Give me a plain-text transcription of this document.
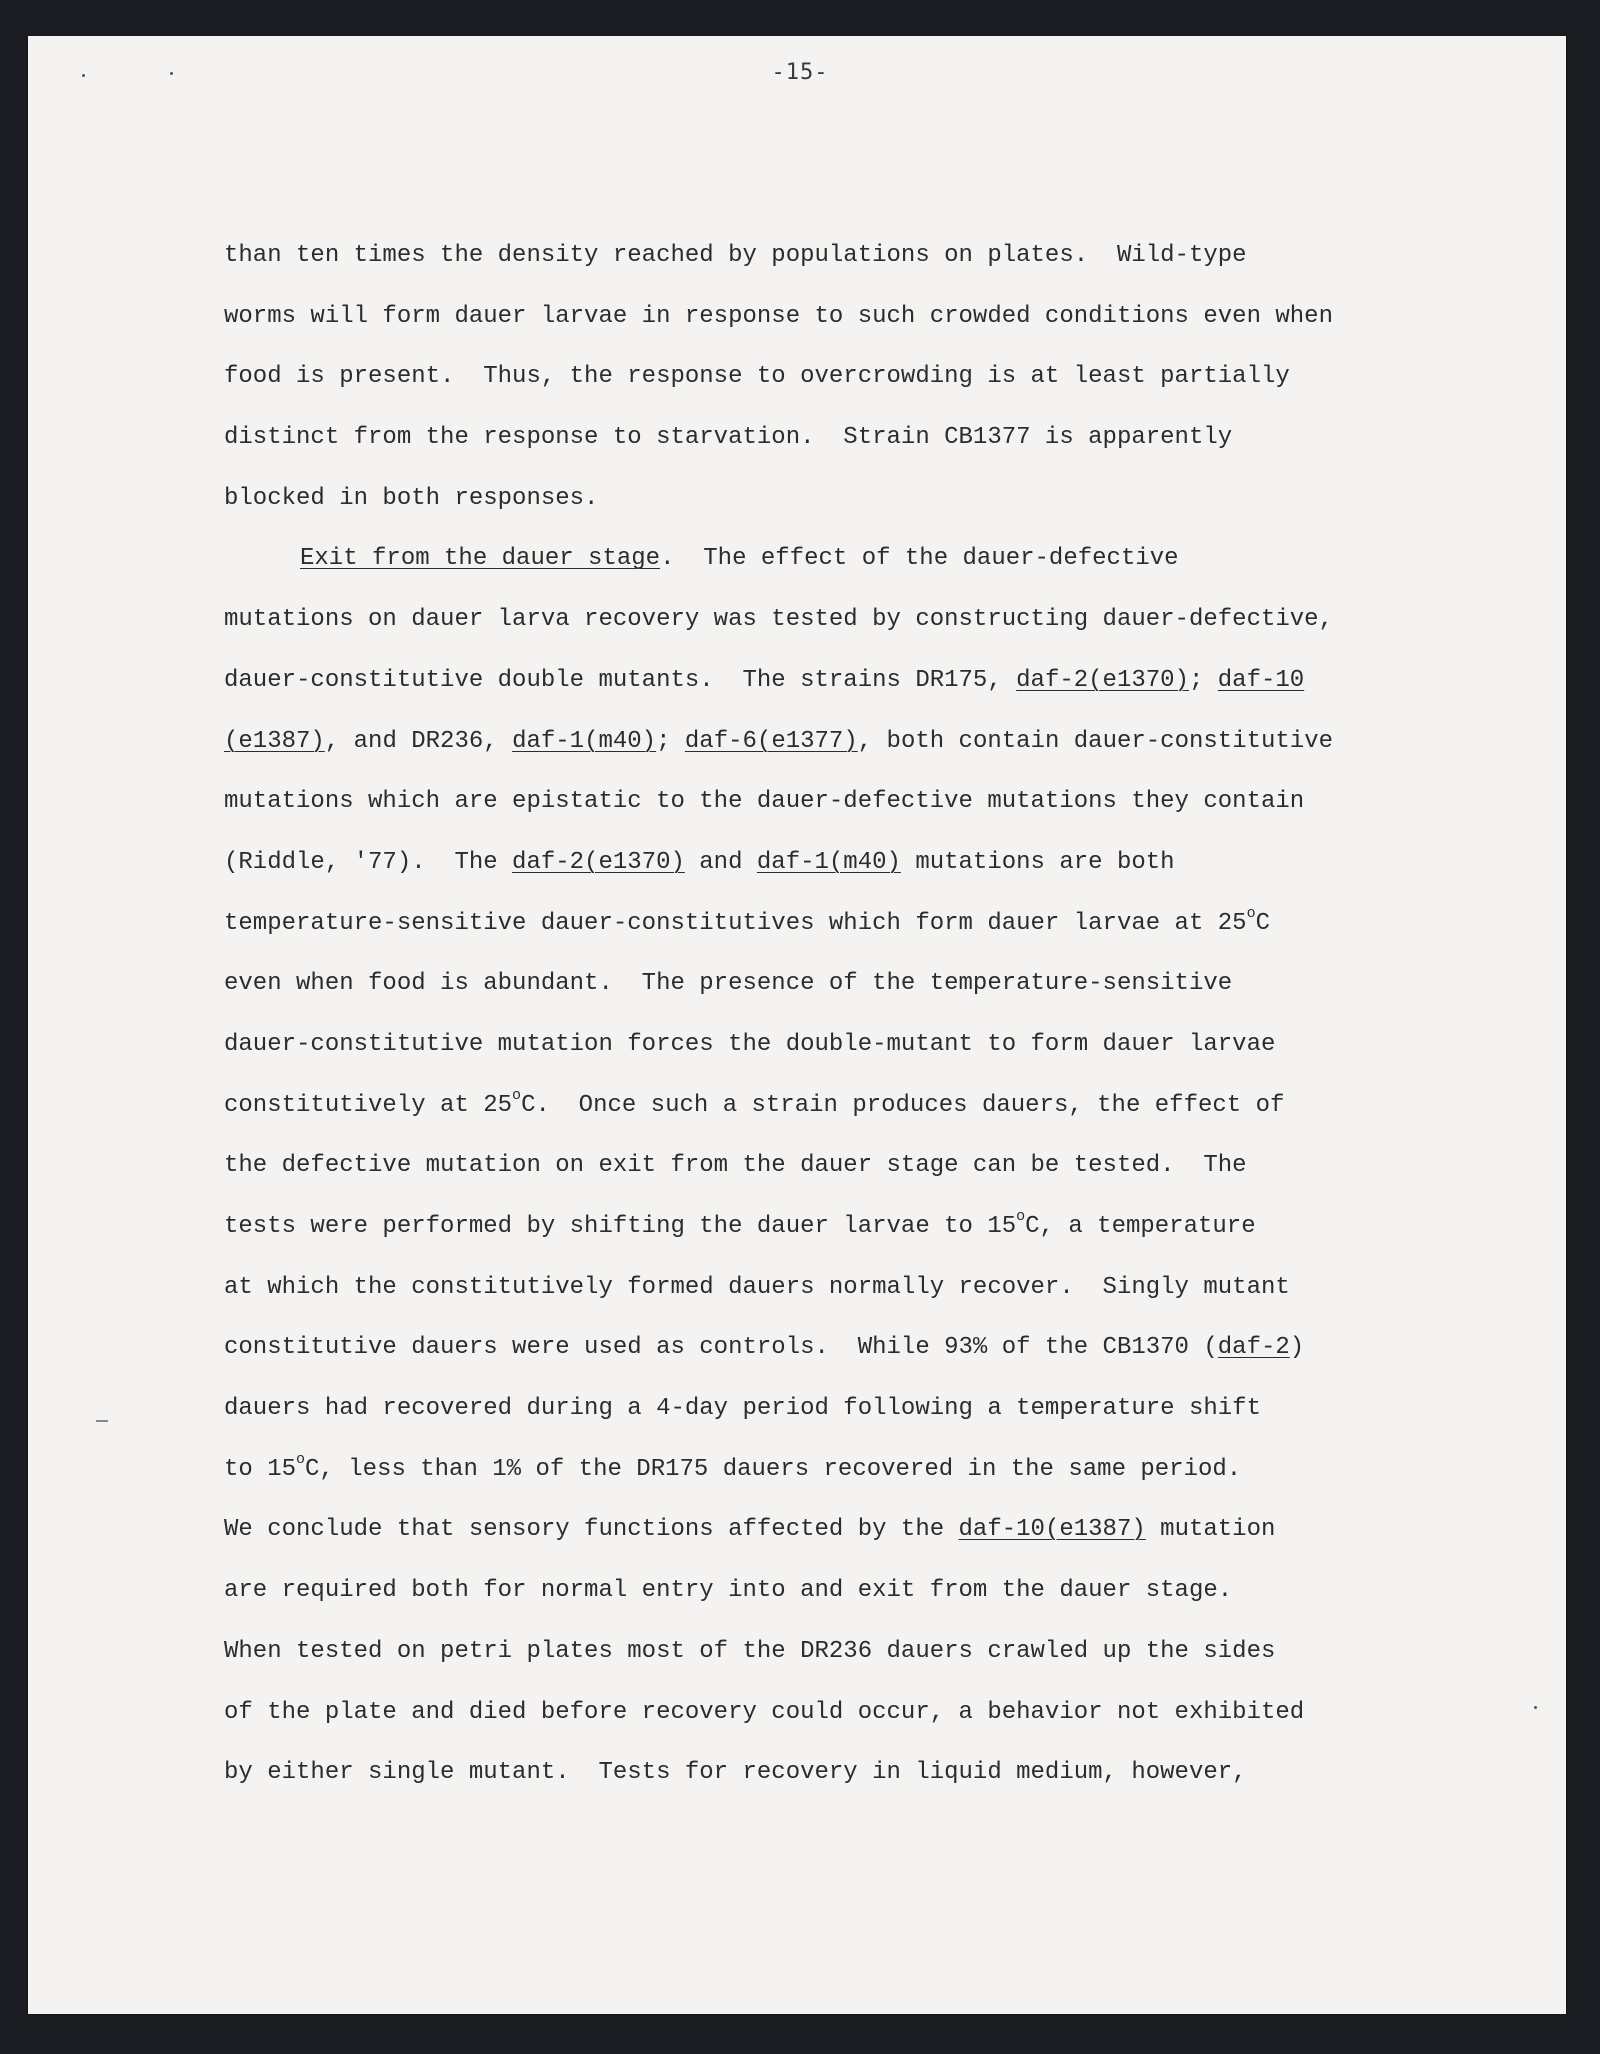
-15-
than ten times the density reached by populations on plates.  Wild-type
worms will form dauer larvae in response to such crowded conditions even when
food is present.  Thus, the response to overcrowding is at least partially
distinct from the response to starvation.  Strain CB1377 is apparently
blocked in both responses.
Exit from the dauer stage.  The effect of the dauer-defective
mutations on dauer larva recovery was tested by constructing dauer-defective,
dauer-constitutive double mutants.  The strains DR175, daf-2(e1370); daf-10
(e1387), and DR236, daf-1(m40); daf-6(e1377), both contain dauer-constitutive
mutations which are epistatic to the dauer-defective mutations they contain
(Riddle, '77).  The daf-2(e1370) and daf-1(m40) mutations are both
temperature-sensitive dauer-constitutives which form dauer larvae at 25$^o$C
even when food is abundant.  The presence of the temperature-sensitive
dauer-constitutive mutation forces the double-mutant to form dauer larvae
constitutively at 25$^o$C.  Once such a strain produces dauers, the effect of
the defective mutation on exit from the dauer stage can be tested.  The
tests were performed by shifting the dauer larvae to 15$^o$C, a temperature
at which the constitutively formed dauers normally recover.  Singly mutant
constitutive dauers were used as controls.  While 93% of the CB1370 (daf-2)
dauers had recovered during a 4-day period following a temperature shift
to 15$^o$C, less than 1% of the DR175 dauers recovered in the same period.
We conclude that sensory functions affected by the daf-10(e1387) mutation
are required both for normal entry into and exit from the dauer stage.
When tested on petri plates most of the DR236 dauers crawled up the sides
of the plate and died before recovery could occur, a behavior not exhibited
by either single mutant.  Tests for recovery in liquid medium, however,
